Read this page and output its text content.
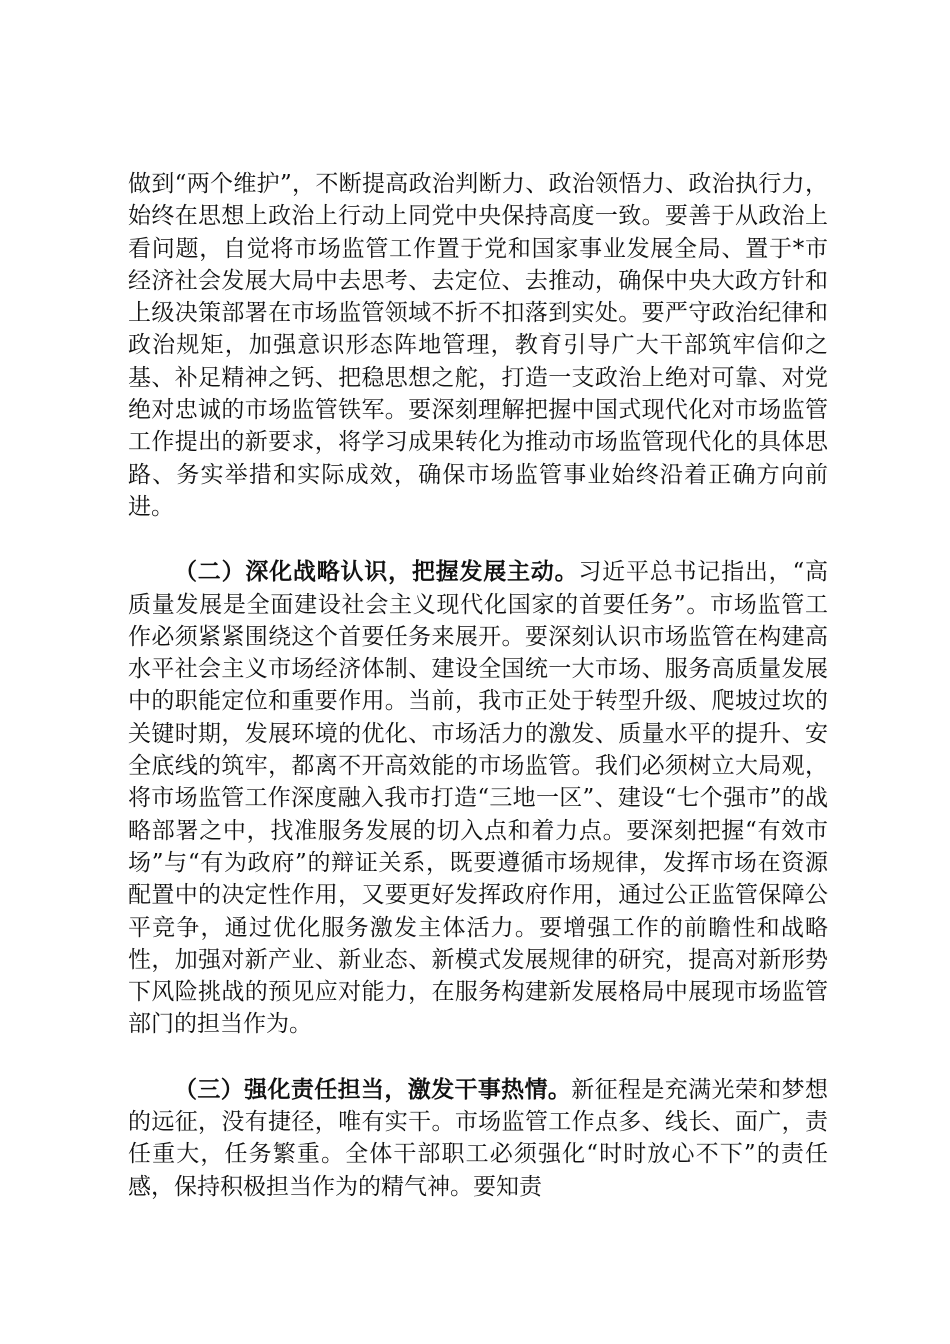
做到“两个维护”，不断提高政治判断力、政治领悟力、政治执行力，始终在思想上政治上行动上同党中央保持高度一致。要善于从政治上看问题，自觉将市场监管工作置于党和国家事业发展全局、置于*市经济社会发展大局中去思考、去定位、去推动，确保中央大政方针和上级决策部署在市场监管领域不折不扣落到实处。要严守政治纪律和政治规矩，加强意识形态阵地管理，教育引导广大干部筑牢信仰之基、补足精神之钙、把稳思想之舵，打造一支政治上绝对可靠、对党绝对忠诚的市场监管铁军。要深刻理解把握中国式现代化对市场监管工作提出的新要求，将学习成果转化为推动市场监管现代化的具体思路、务实举措和实际成效，确保市场监管事业始终沿着正确方向前进。

（二）深化战略认识，把握发展主动。习近平总书记指出，“高质量发展是全面建设社会主义现代化国家的首要任务”。市场监管工作必须紧紧围绕这个首要任务来展开。要深刻认识市场监管在构建高水平社会主义市场经济体制、建设全国统一大市场、服务高质量发展中的职能定位和重要作用。当前，我市正处于转型升级、爬坡过坎的关键时期，发展环境的优化、市场活力的激发、质量水平的提升、安全底线的筑牢，都离不开高效能的市场监管。我们必须树立大局观，将市场监管工作深度融入我市打造“三地一区”、建设“七个强市”的战略部署之中，找准服务发展的切入点和着力点。要深刻把握“有效市场”与“有为政府”的辩证关系，既要遵循市场规律，发挥市场在资源配置中的决定性作用，又要更好发挥政府作用，通过公正监管保障公平竞争，通过优化服务激发主体活力。要增强工作的前瞻性和战略性，加强对新产业、新业态、新模式发展规律的研究，提高对新形势下风险挑战的预见应对能力，在服务构建新发展格局中展现市场监管部门的担当作为。

（三）强化责任担当，激发干事热情。新征程是充满光荣和梦想的远征，没有捷径，唯有实干。市场监管工作点多、线长、面广，责任重大，任务繁重。全体干部职工必须强化“时时放心不下”的责任感，保持积极担当作为的精气神。要知责
